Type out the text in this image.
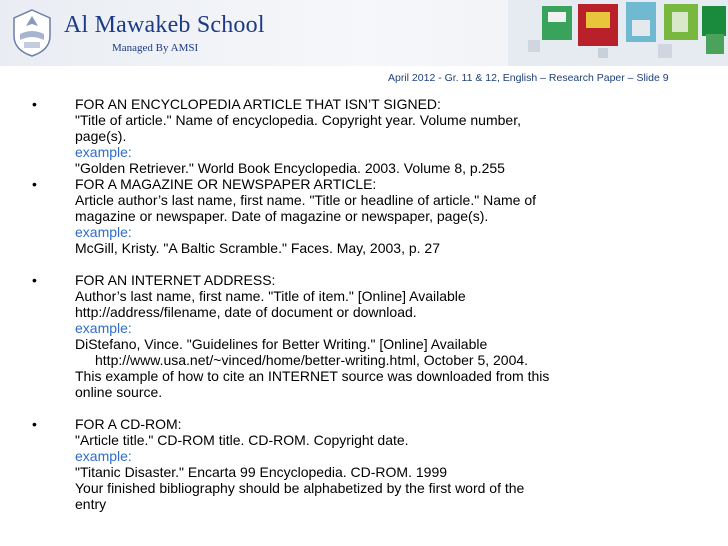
Al Mawakeb School
Managed By AMSI
April 2012 - Gr. 11 & 12, English – Research Paper – Slide 9
•	FOR AN ENCYCLOPEDIA ARTICLE THAT ISN’T SIGNED:
"Title of article." Name of encyclopedia. Copyright year. Volume number,
page(s).
example:
"Golden Retriever." World Book Encyclopedia. 2003. Volume 8, p.255
•	FOR A MAGAZINE OR NEWSPAPER ARTICLE:
Article author’s last name, first name. "Title or headline of article." Name of
magazine or newspaper. Date of magazine or newspaper, page(s).
example:
McGill, Kristy. "A Baltic Scramble." Faces. May, 2003, p. 27
•	FOR AN INTERNET ADDRESS:
Author’s last name, first name. "Title of item." [Online] Available
http://address/filename, date of document or download.
example:
DiStefano, Vince. "Guidelines for Better Writing." [Online] Available
http://www.usa.net/~vinced/home/better-writing.html, October 5, 2004.
This example of how to cite an INTERNET source was downloaded from this
online source.
•	FOR A CD-ROM:
"Article title." CD-ROM title. CD-ROM. Copyright date.
example:
"Titanic Disaster." Encarta 99 Encyclopedia. CD-ROM. 1999
Your finished bibliography should be alphabetized by the first word of the
entry
